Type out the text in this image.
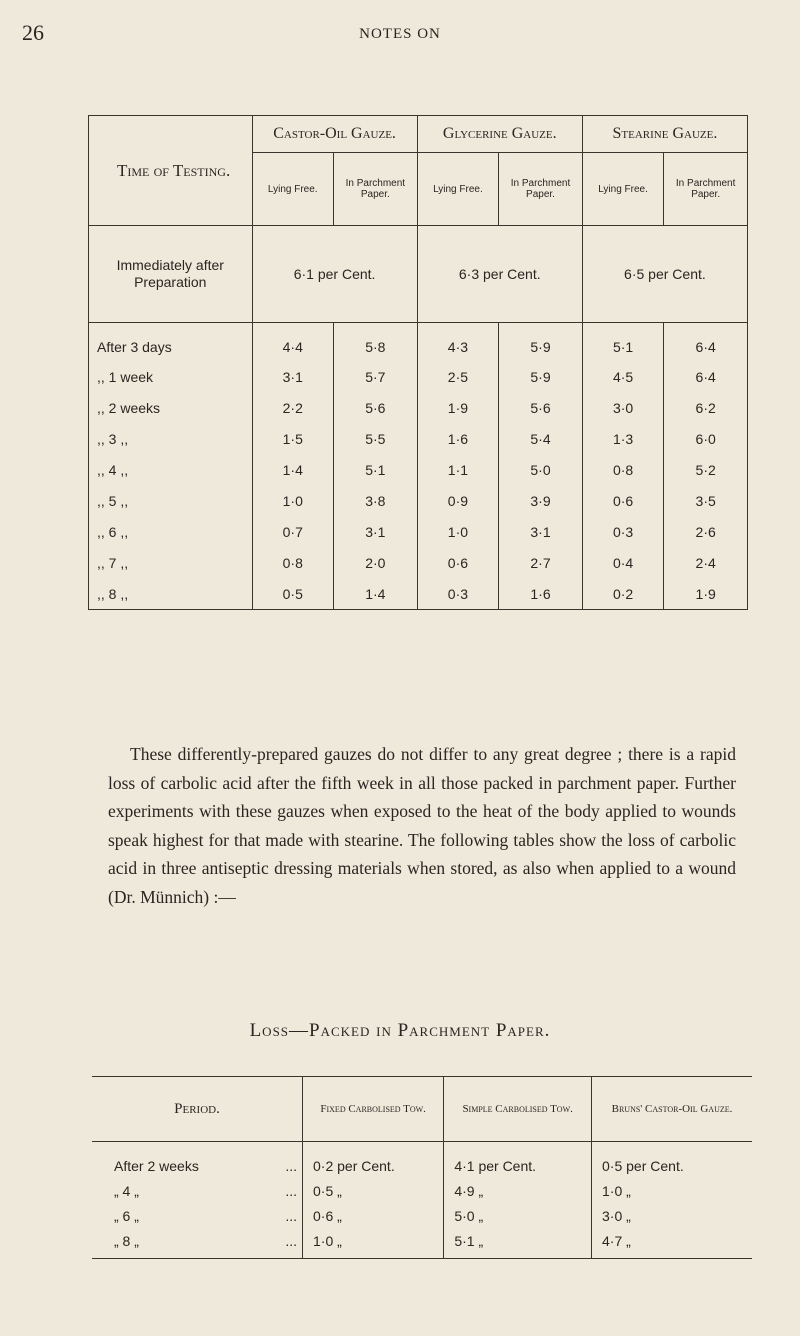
26	NOTES ON
Time of Testing.	Castor-Oil Gauze.		Glycerine Gauze.		Stearine Gauze.	
	Lying Free.	In Parchment Paper.	Lying Free.	In Parchment Paper.	Lying Free.	In Parchment Paper.
Immediately after Preparation	6·1 per Cent.		6·3 per Cent.		6·5 per Cent.	
After 3 days	4·4	5·8	4·3	5·9	5·1	6·4
,, 1 week	3·1	5·7	2·5	5·9	4·5	6·4
,, 2 weeks	2·2	5·6	1·9	5·6	3·0	6·2
,, 3 ,,	1·5	5·5	1·6	5·4	1·3	6·0
,, 4 ,,	1·4	5·1	1·1	5·0	0·8	5·2
,, 5 ,,	1·0	3·8	0·9	3·9	0·6	3·5
,, 6 ,,	0·7	3·1	1·0	3·1	0·3	2·6
,, 7 ,,	0·8	2·0	0·6	2·7	0·4	2·4
,, 8 ,,	0·5	1·4	0·3	1·6	0·2	1·9

These differently-prepared gauzes do not differ to any great degree ; there is a rapid loss of carbolic acid after the fifth week in all those packed in parchment paper. Further experiments with these gauzes when exposed to the heat of the body applied to wounds speak highest for that made with stearine. The following tables show the loss of carbolic acid in three antiseptic dressing materials when stored, as also when applied to a wound (Dr. Münnich) :—

Loss—Packed in Parchment Paper.
Period.	Fixed Carbolised Tow.	Simple Carbolised Tow.	Bruns' Castor-Oil Gauze.
After 2 weeks ...	0·2 per Cent.	4·1 per Cent.	0·5 per Cent.
„ 4 „ ...	0·5 „	4·9 „	1·0 „
„ 6 „ ...	0·6 „	5·0 „	3·0 „
„ 8 „ ...	1·0 „	5·1 „	4·7 „
